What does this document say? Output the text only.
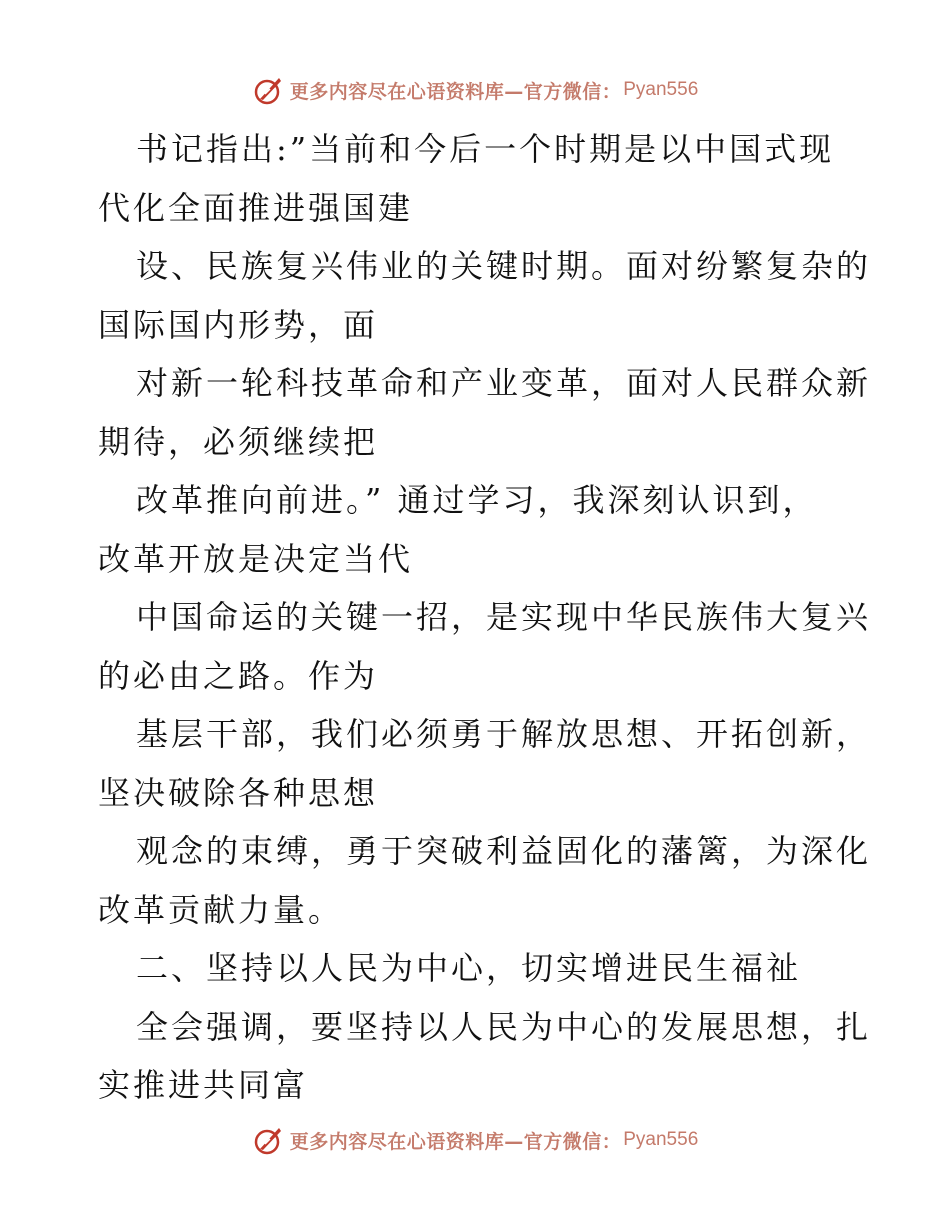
更多内容尽在心语资料库—官方微信： Pyan556
书记指出:”当前和今后一个时期是以中国式现
代化全面推进强国建
设、民族复兴伟业的关键时期。面对纷繁复杂的
国际国内形势，面
对新一轮科技革命和产业变革，面对人民群众新
期待，必须继续把
改革推向前进。” 通过学习，我深刻认识到，
改革开放是决定当代
中国命运的关键一招，是实现中华民族伟大复兴
的必由之路。作为
基层干部，我们必须勇于解放思想、开拓创新，
坚决破除各种思想
观念的束缚，勇于突破利益固化的藩篱，为深化
改革贡献力量。
二、坚持以人民为中心，切实增进民生福祉
全会强调，要坚持以人民为中心的发展思想，扎
实推进共同富
更多内容尽在心语资料库—官方微信： Pyan556
